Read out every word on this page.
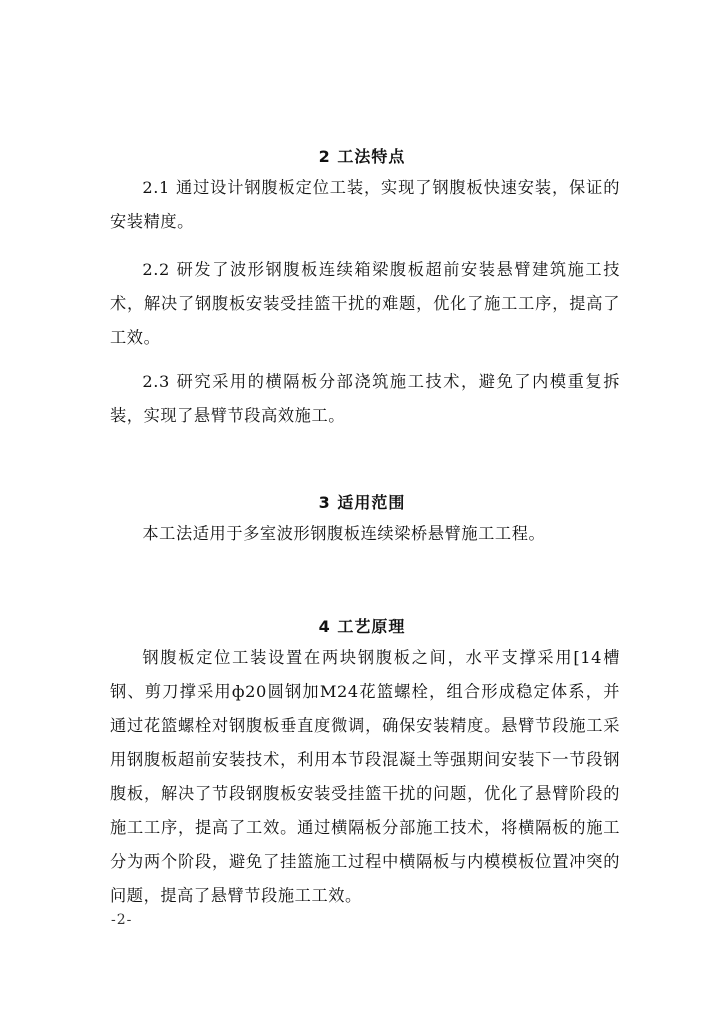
2 工法特点

2.1 通过设计钢腹板定位工装，实现了钢腹板快速安装，保证的安装精度。

2.2 研发了波形钢腹板连续箱梁腹板超前安装悬臂建筑施工技术，解决了钢腹板安装受挂篮干扰的难题，优化了施工工序，提高了工效。

2.3 研究采用的横隔板分部浇筑施工技术，避免了内模重复拆装，实现了悬臂节段高效施工。

3 适用范围

本工法适用于多室波形钢腹板连续梁桥悬臂施工工程。

4 工艺原理

钢腹板定位工装设置在两块钢腹板之间，水平支撑采用[14槽钢、剪刀撑采用ф20圆钢加M24花篮螺栓，组合形成稳定体系，并通过花篮螺栓对钢腹板垂直度微调，确保安装精度。悬臂节段施工采用钢腹板超前安装技术，利用本节段混凝土等强期间安装下一节段钢腹板，解决了节段钢腹板安装受挂篮干扰的问题，优化了悬臂阶段的施工工序，提高了工效。通过横隔板分部施工技术，将横隔板的施工分为两个阶段，避免了挂篮施工过程中横隔板与内模模板位置冲突的问题，提高了悬臂节段施工工效。

-2-
